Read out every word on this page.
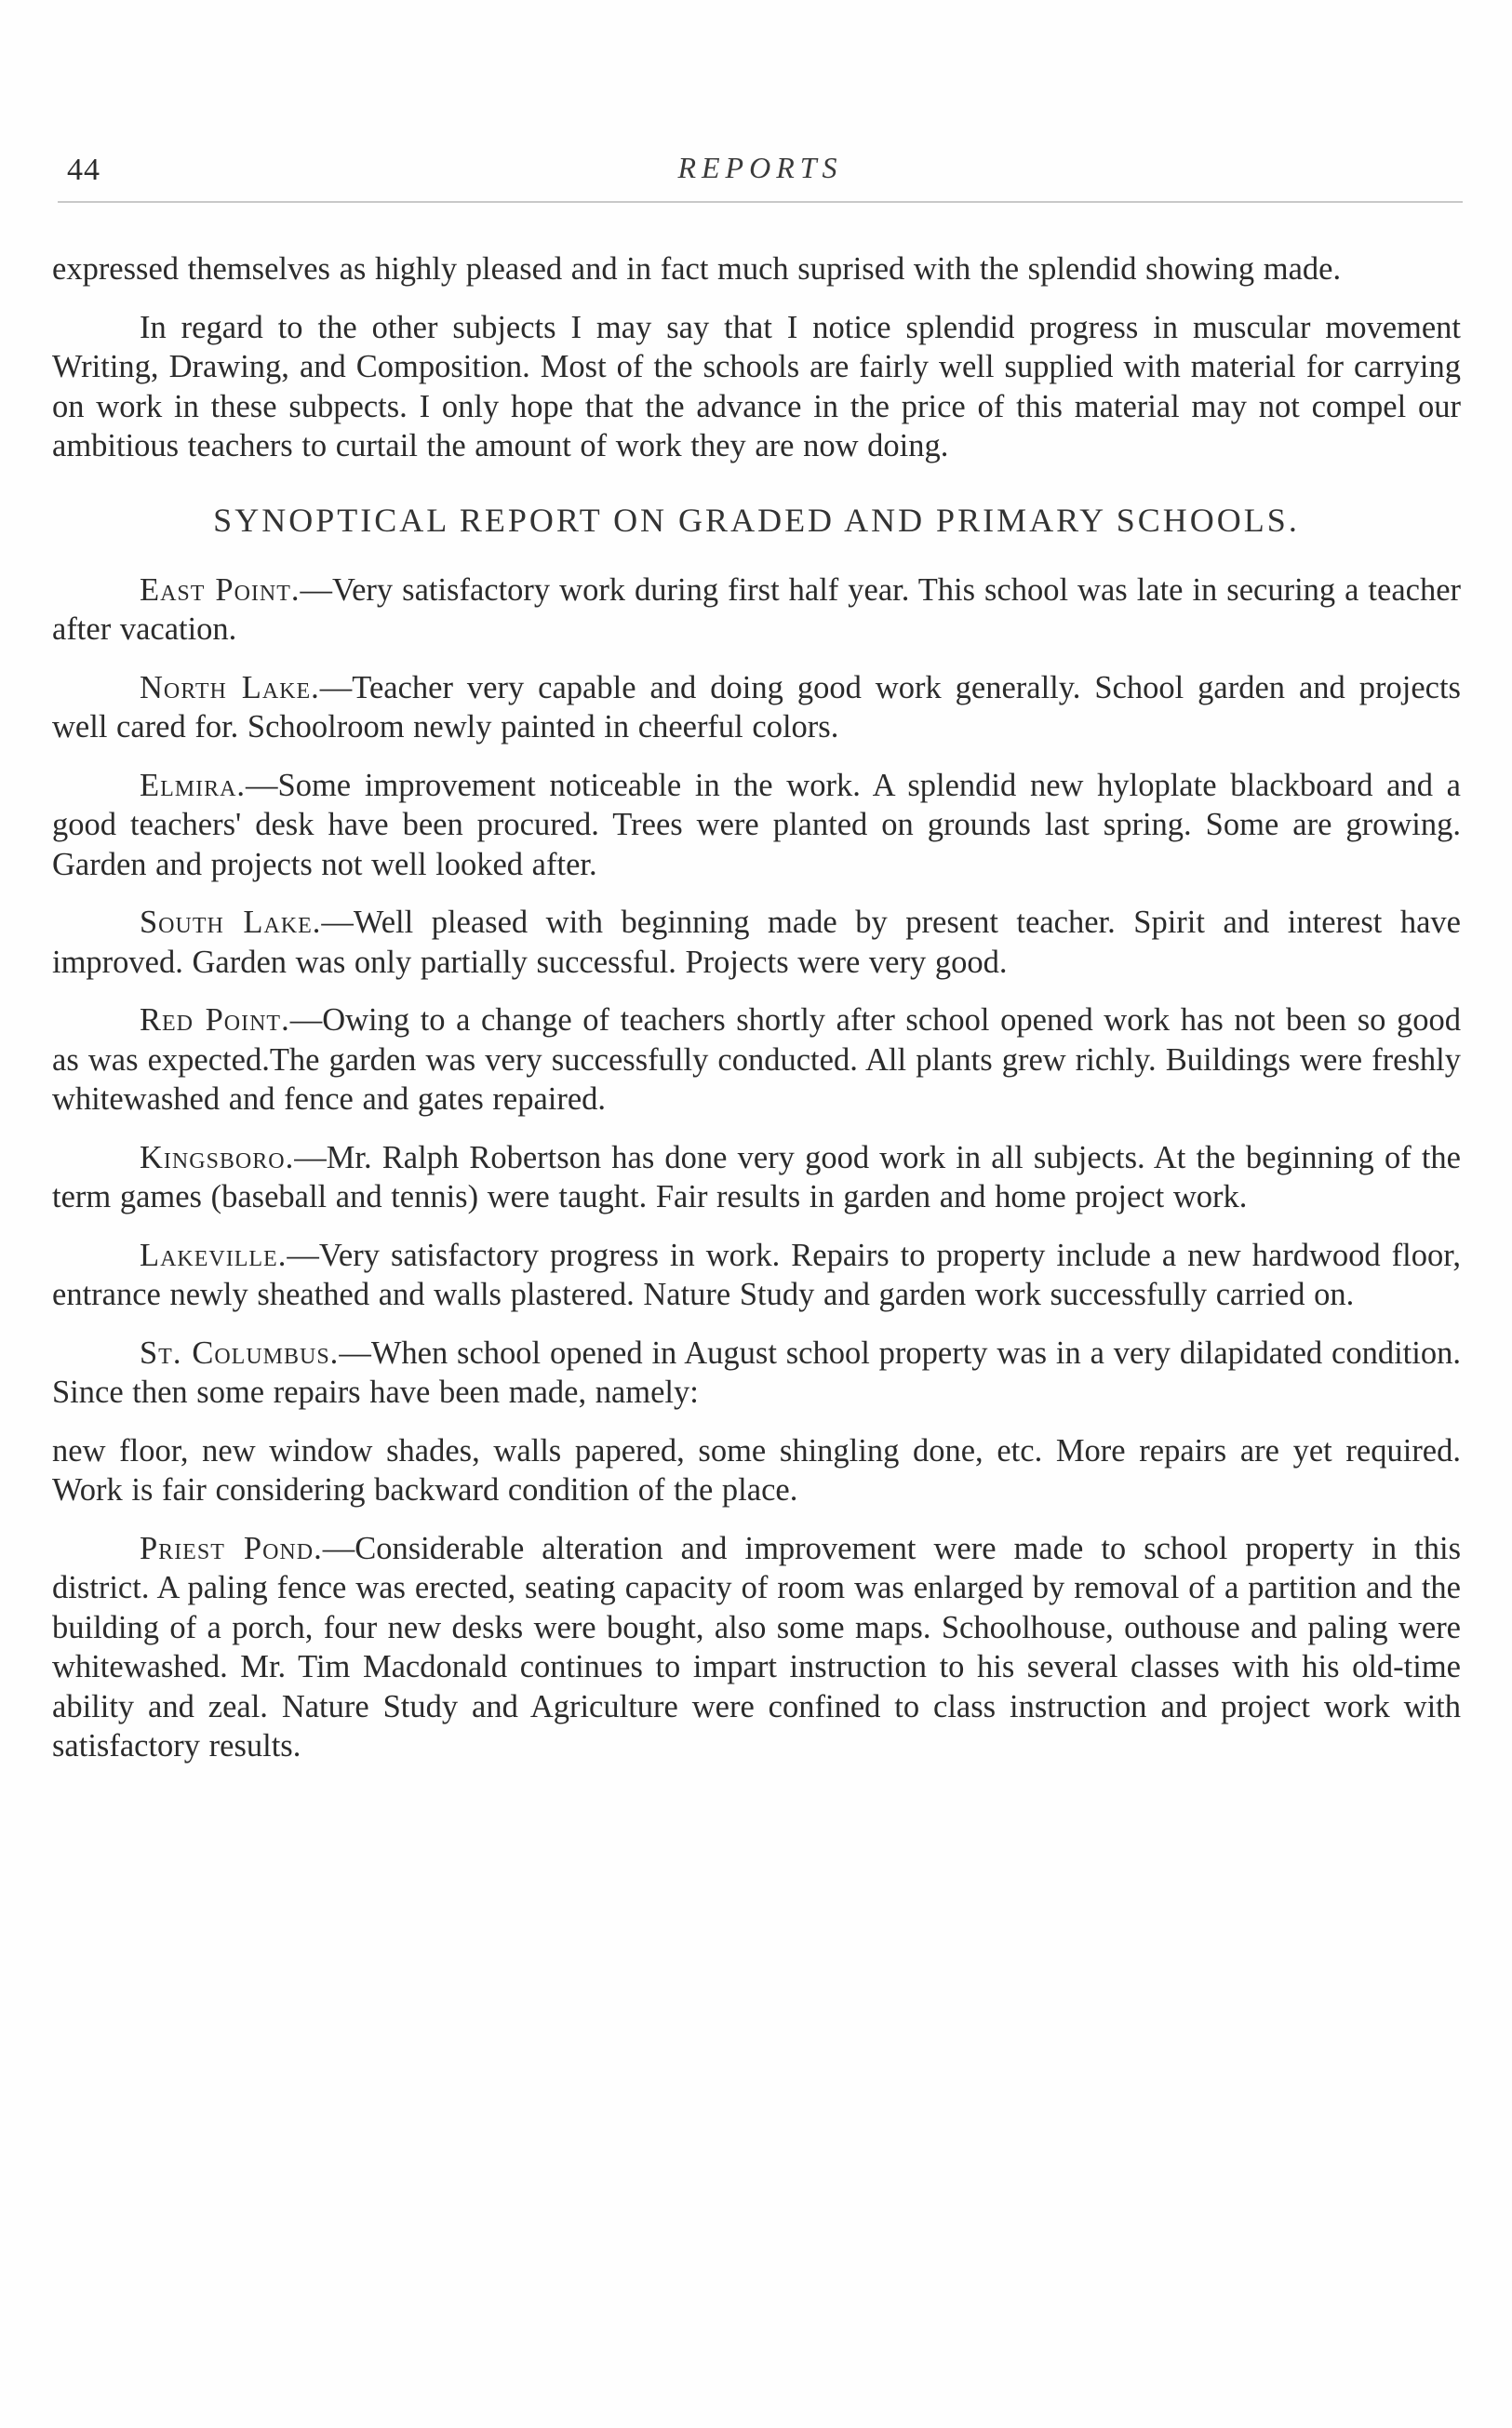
44	REPORTS

expressed themselves as highly pleased and in fact much suprised with the splendid showing made.

In regard to the other subjects I may say that I notice splendid progress in muscular movement Writing, Drawing, and Composition. Most of the schools are fairly well supplied with material for carrying on work in these subpects. I only hope that the advance in the price of this material may not compel our ambitious teachers to curtail the amount of work they are now doing.

SYNOPTICAL REPORT ON GRADED AND PRIMARY SCHOOLS.

East Point.—Very satisfactory work during first half year. This school was late in securing a teacher after vacation.

North Lake.—Teacher very capable and doing good work generally. School garden and projects well cared for. Schoolroom newly painted in cheerful colors.

Elmira.—Some improvement noticeable in the work. A splendid new hyloplate blackboard and a good teachers' desk have been procured. Trees were planted on grounds last spring. Some are growing. Garden and projects not well looked after.

South Lake.—Well pleased with beginning made by present teacher. Spirit and interest have improved. Garden was only partially successful. Projects were very good.

Red Point.—Owing to a change of teachers shortly after school opened work has not been so good as was expected.The garden was very successfully conducted. All plants grew richly. Buildings were freshly whitewashed and fence and gates repaired.

Kingsboro.—Mr. Ralph Robertson has done very good work in all subjects. At the beginning of the term games (baseball and tennis) were taught. Fair results in garden and home project work.

Lakeville.—Very satisfactory progress in work. Repairs to property include a new hardwood floor, entrance newly sheathed and walls plastered. Nature Study and garden work successfully carried on.

St. Columbus.—When school opened in August school property was in a very dilapidated condition. Since then some repairs have been made, namely:

new floor, new window shades, walls papered, some shingling done, etc. More repairs are yet required. Work is fair considering backward condition of the place.

Priest Pond.—Considerable alteration and improvement were made to school property in this district. A paling fence was erected, seating capacity of room was enlarged by removal of a partition and the building of a porch, four new desks were bought, also some maps. Schoolhouse, outhouse and paling were whitewashed. Mr. Tim Macdonald continues to impart instruction to his several classes with his old-time ability and zeal. Nature Study and Agriculture were confined to class instruction and project work with satisfactory results.
